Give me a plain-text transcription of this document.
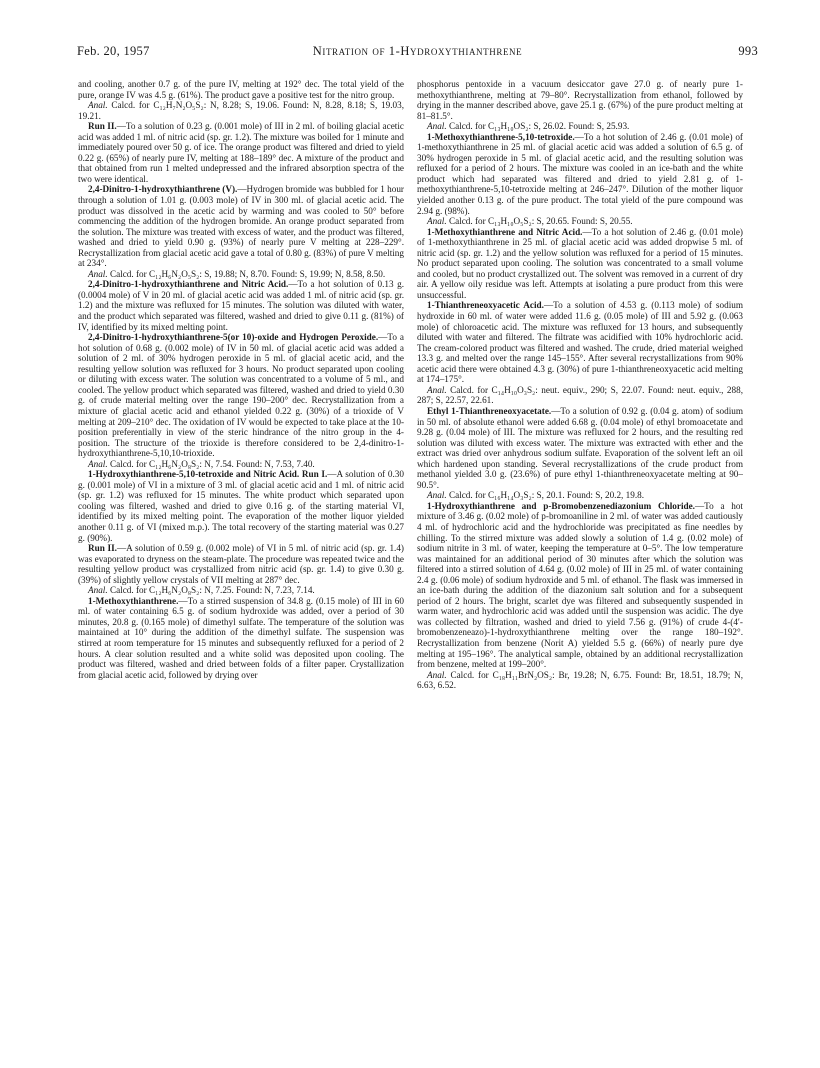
Feb. 20, 1957	Nitration of 1-Hydroxythianthrene	993

and cooling, another 0.7 g. of the pure IV, melting at 192° dec. The total yield of the pure, orange IV was 4.5 g. (61%). The product gave a positive test for the nitro group.

Anal. Calcd. for C₁₂H₇N₂O₅S₂: N, 8.28; S, 19.06. Found: N, 8.28, 8.18; S, 19.03, 19.21.

Run II.—To a solution of 0.23 g. (0.001 mole) of III in 2 ml. of boiling glacial acetic acid was added 1 ml. of nitric acid (sp. gr. 1.2). The mixture was boiled for 1 minute and immediately poured over 50 g. of ice. The orange product was filtered and dried to yield 0.22 g. (65%) of nearly pure IV, melting at 188–189° dec. A mixture of the product and that obtained from run 1 melted undepressed and the infrared absorption spectra of the two were identical.

2,4-Dinitro-1-hydroxythianthrene (V).—Hydrogen bromide was bubbled for 1 hour through a solution of 1.01 g. (0.003 mole) of IV in 300 ml. of glacial acetic acid. The product was dissolved in the acetic acid by warming and was cooled to 50° before commencing the addition of the hydrogen bromide. An orange product separated from the solution. The mixture was treated with excess of water, and the product was filtered, washed and dried to yield 0.90 g. (93%) of nearly pure V melting at 228–229°. Recrystallization from glacial acetic acid gave a total of 0.80 g. (83%) of pure V melting at 234°.

Anal. Calcd. for C₁₂H₆N₂O₅S₂: S, 19.88; N, 8.70. Found: S, 19.99; N, 8.58, 8.50.

2,4-Dinitro-1-hydroxythianthrene and Nitric Acid.—To a hot solution of 0.13 g. (0.0004 mole) of V in 20 ml. of glacial acetic acid was added 1 ml. of nitric acid (sp. gr. 1.2) and the mixture was refluxed for 15 minutes. The solution was diluted with water, and the product which separated was filtered, washed and dried to give 0.11 g. (81%) of IV, identified by its mixed melting point.

2,4-Dinitro-1-hydroxythianthrene-5(or 10)-oxide and Hydrogen Peroxide.—To a hot solution of 0.68 g. (0.002 mole) of IV in 50 ml. of glacial acetic acid was added a solution of 2 ml. of 30% hydrogen peroxide in 5 ml. of glacial acetic acid, and the resulting yellow solution was refluxed for 3 hours. No product separated upon cooling or diluting with excess water. The solution was concentrated to a volume of 5 ml., and cooled. The yellow product which separated was filtered, washed and dried to yield 0.30 g. of crude material melting over the range 190–200° dec. Recrystallization from a mixture of glacial acetic acid and ethanol yielded 0.22 g. (30%) of a trioxide of V melting at 209–210° dec. The oxidation of IV would be expected to take place at the 10-position preferentially in view of the steric hindrance of the nitro group in the 4-position. The structure of the trioxide is therefore considered to be 2,4-dinitro-1-hydroxythianthrene-5,10,10-trioxide.

Anal. Calcd. for C₁₂H₆N₂O₈S₂: N, 7.54. Found: N, 7.53, 7.40.

1-Hydroxythianthrene-5,10-tetroxide and Nitric Acid. Run I.—A solution of 0.30 g. (0.001 mole) of VI in a mixture of 3 ml. of glacial acetic acid and 1 ml. of nitric acid (sp. gr. 1.2) was refluxed for 15 minutes. The white product which separated upon cooling was filtered, washed and dried to give 0.16 g. of the starting material VI, identified by its mixed melting point. The evaporation of the mother liquor yielded another 0.11 g. of VI (mixed m.p.). The total recovery of the starting material was 0.27 g. (90%).

Run II.—A solution of 0.59 g. (0.002 mole) of VI in 5 ml. of nitric acid (sp. gr. 1.4) was evaporated to dryness on the steam-plate. The procedure was repeated twice and the resulting yellow product was crystallized from nitric acid (sp. gr. 1.4) to give 0.30 g. (39%) of slightly yellow crystals of VII melting at 287° dec.

Anal. Calcd. for C₁₂H₆N₂O₈S₂: N, 7.25. Found: N, 7.23, 7.14.

1-Methoxythianthrene.—To a stirred suspension of 34.8 g. (0.15 mole) of III in 60 ml. of water containing 6.5 g. of sodium hydroxide was added, over a period of 30 minutes, 20.8 g. (0.165 mole) of dimethyl sulfate. The temperature of the solution was maintained at 10° during the addition of the dimethyl sulfate. The suspension was stirred at room temperature for 15 minutes and subsequently refluxed for a period of 2 hours. A clear solution resulted and a white solid was deposited upon cooling. The product was filtered, washed and dried between folds of a filter paper. Crystallization from glacial acetic acid, followed by drying over

phosphorus pentoxide in a vacuum desiccator gave 27.0 g. of nearly pure 1-methoxythianthrene, melting at 79–80°. Recrystallization from ethanol, followed by drying in the manner described above, gave 25.1 g. (67%) of the pure product melting at 81–81.5°.

Anal. Calcd. for C₁₃H₁₀OS₂: S, 26.02. Found: S, 25.93.

1-Methoxythianthrene-5,10-tetroxide.—To a hot solution of 2.46 g. (0.01 mole) of 1-methoxythianthrene in 25 ml. of glacial acetic acid was added a solution of 6.5 g. of 30% hydrogen peroxide in 5 ml. of glacial acetic acid, and the resulting solution was refluxed for a period of 2 hours. The mixture was cooled in an ice-bath and the white product which had separated was filtered and dried to yield 2.81 g. of 1-methoxythianthrene-5,10-tetroxide melting at 246–247°. Dilution of the mother liquor yielded another 0.13 g. of the pure product. The total yield of the pure compound was 2.94 g. (98%).

Anal. Calcd. for C₁₃H₁₀O₅S₂: S, 20.65. Found: S, 20.55.

1-Methoxythianthrene and Nitric Acid.—To a hot solution of 2.46 g. (0.01 mole) of 1-methoxythianthrene in 25 ml. of glacial acetic acid was added dropwise 5 ml. of nitric acid (sp. gr. 1.2) and the yellow solution was refluxed for a period of 15 minutes. No product separated upon cooling. The solution was concentrated to a small volume and cooled, but no product crystallized out. The solvent was removed in a current of dry air. A yellow oily residue was left. Attempts at isolating a pure product from this were unsuccessful.

1-Thianthreneoxyacetic Acid.—To a solution of 4.53 g. (0.113 mole) of sodium hydroxide in 60 ml. of water were added 11.6 g. (0.05 mole) of III and 5.92 g. (0.063 mole) of chloroacetic acid. The mixture was refluxed for 13 hours, and subsequently diluted with water and filtered. The filtrate was acidified with 10% hydrochloric acid. The cream-colored product was filtered and washed. The crude, dried material weighed 13.3 g. and melted over the range 145–155°. After several recrystallizations from 90% acetic acid there were obtained 4.3 g. (30%) of pure 1-thianthreneoxyacetic acid melting at 174–175°.

Anal. Calcd. for C₁₄H₁₀O₃S₂: neut. equiv., 290; S, 22.07. Found: neut. equiv., 288, 287; S, 22.57, 22.61.

Ethyl 1-Thianthreneoxyacetate.—To a solution of 0.92 g. (0.04 g. atom) of sodium in 50 ml. of absolute ethanol were added 6.68 g. (0.04 mole) of ethyl bromoacetate and 9.28 g. (0.04 mole) of III. The mixture was refluxed for 2 hours, and the resulting red solution was diluted with excess water. The mixture was extracted with ether and the extract was dried over anhydrous sodium sulfate. Evaporation of the solvent left an oil which hardened upon standing. Several recrystallizations of the crude product from methanol yielded 3.0 g. (23.6%) of pure ethyl 1-thianthreneoxyacetate melting at 90–90.5°.

Anal. Calcd. for C₁₆H₁₄O₃S₂: S, 20.1. Found: S, 20.2, 19.8.

1-Hydroxythianthrene and p-Bromobenzenediazonium Chloride.—To a hot mixture of 3.46 g. (0.02 mole) of p-bromoaniline in 2 ml. of water was added cautiously 4 ml. of hydrochloric acid and the hydrochloride was precipitated as fine needles by chilling. To the stirred mixture was added slowly a solution of 1.4 g. (0.02 mole) of sodium nitrite in 3 ml. of water, keeping the temperature at 0–5°. The low temperature was maintained for an additional period of 30 minutes after which the solution was filtered into a stirred solution of 4.64 g. (0.02 mole) of III in 25 ml. of water containing 2.4 g. (0.06 mole) of sodium hydroxide and 5 ml. of ethanol. The flask was immersed in an ice-bath during the addition of the diazonium salt solution and for a subsequent period of 2 hours. The bright, scarlet dye was filtered and subsequently suspended in warm water, and hydrochloric acid was added until the suspension was acidic. The dye was collected by filtration, washed and dried to yield 7.56 g. (91%) of crude 4-(4′-bromobenzeneazo)-1-hydroxythianthrene melting over the range 180–192°. Recrystallization from benzene (Norit A) yielded 5.5 g. (66%) of nearly pure dye melting at 195–196°. The analytical sample, obtained by an additional recrystallization from benzene, melted at 199–200°.

Anal. Calcd. for C₁₈H₁₁BrN₂OS₂: Br, 19.28; N, 6.75. Found: Br, 18.51, 18.79; N, 6.63, 6.52.
